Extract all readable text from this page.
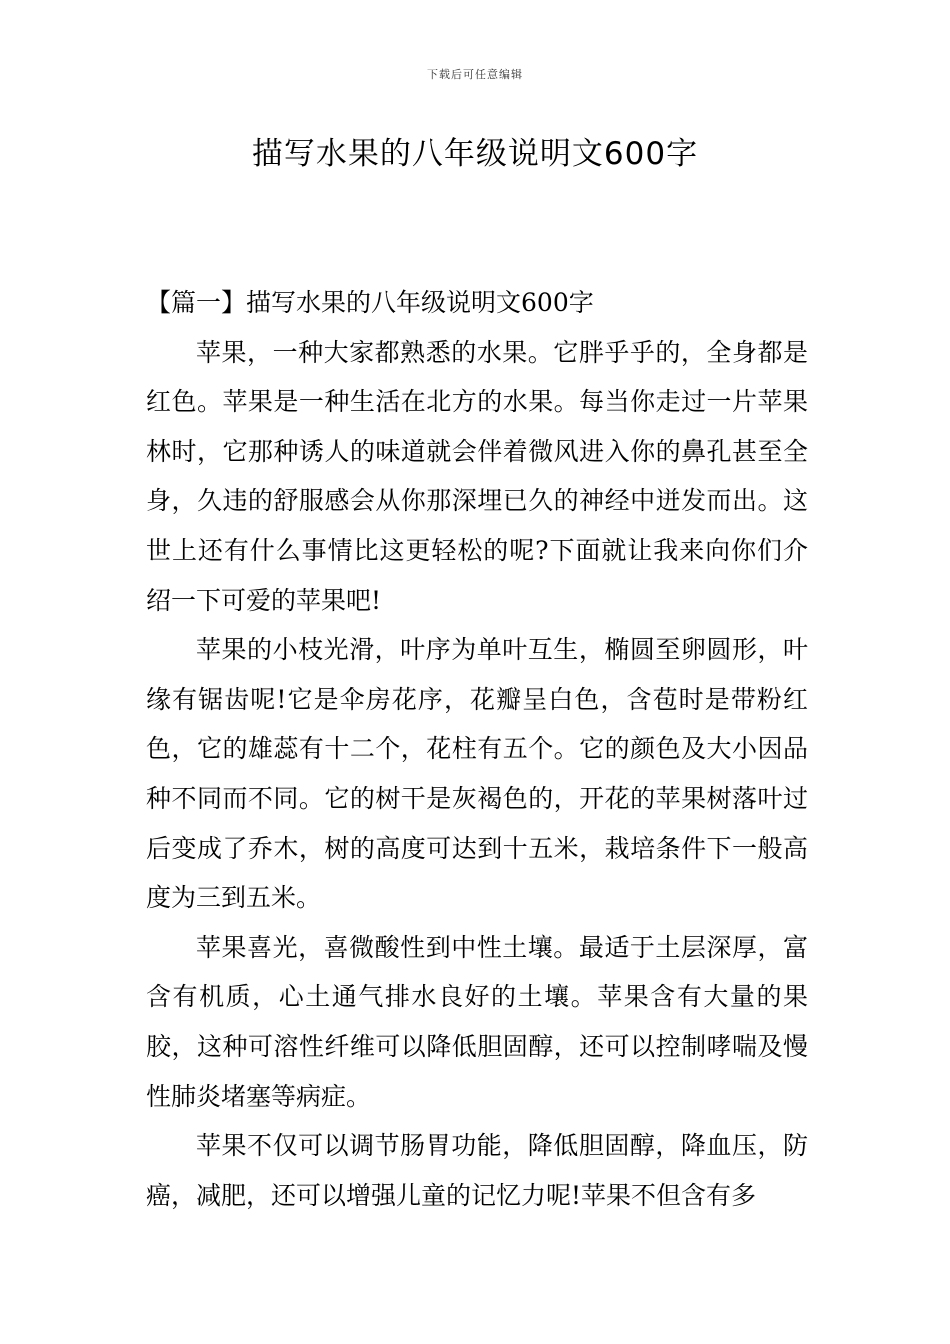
下载后可任意编辑
描写水果的八年级说明文600字
【篇一】描写水果的八年级说明文600字

苹果，一种大家都熟悉的水果。它胖乎乎的，全身都是红色。苹果是一种生活在北方的水果。每当你走过一片苹果林时，它那种诱人的味道就会伴着微风进入你的鼻孔甚至全身，久违的舒服感会从你那深埋已久的神经中迸发而出。这世上还有什么事情比这更轻松的呢?下面就让我来向你们介绍一下可爱的苹果吧!

苹果的小枝光滑，叶序为单叶互生，椭圆至卵圆形，叶缘有锯齿呢!它是伞房花序，花瓣呈白色，含苞时是带粉红色，它的雄蕊有十二个，花柱有五个。它的颜色及大小因品种不同而不同。它的树干是灰褐色的，开花的苹果树落叶过后变成了乔木，树的高度可达到十五米，栽培条件下一般高度为三到五米。

苹果喜光，喜微酸性到中性土壤。最适于土层深厚，富含有机质，心土通气排水良好的土壤。苹果含有大量的果胶，这种可溶性纤维可以降低胆固醇，还可以控制哮喘及慢性肺炎堵塞等病症。

苹果不仅可以调节肠胃功能，降低胆固醇，降血压，防癌，减肥，还可以增强儿童的记忆力呢!苹果不但含有多
